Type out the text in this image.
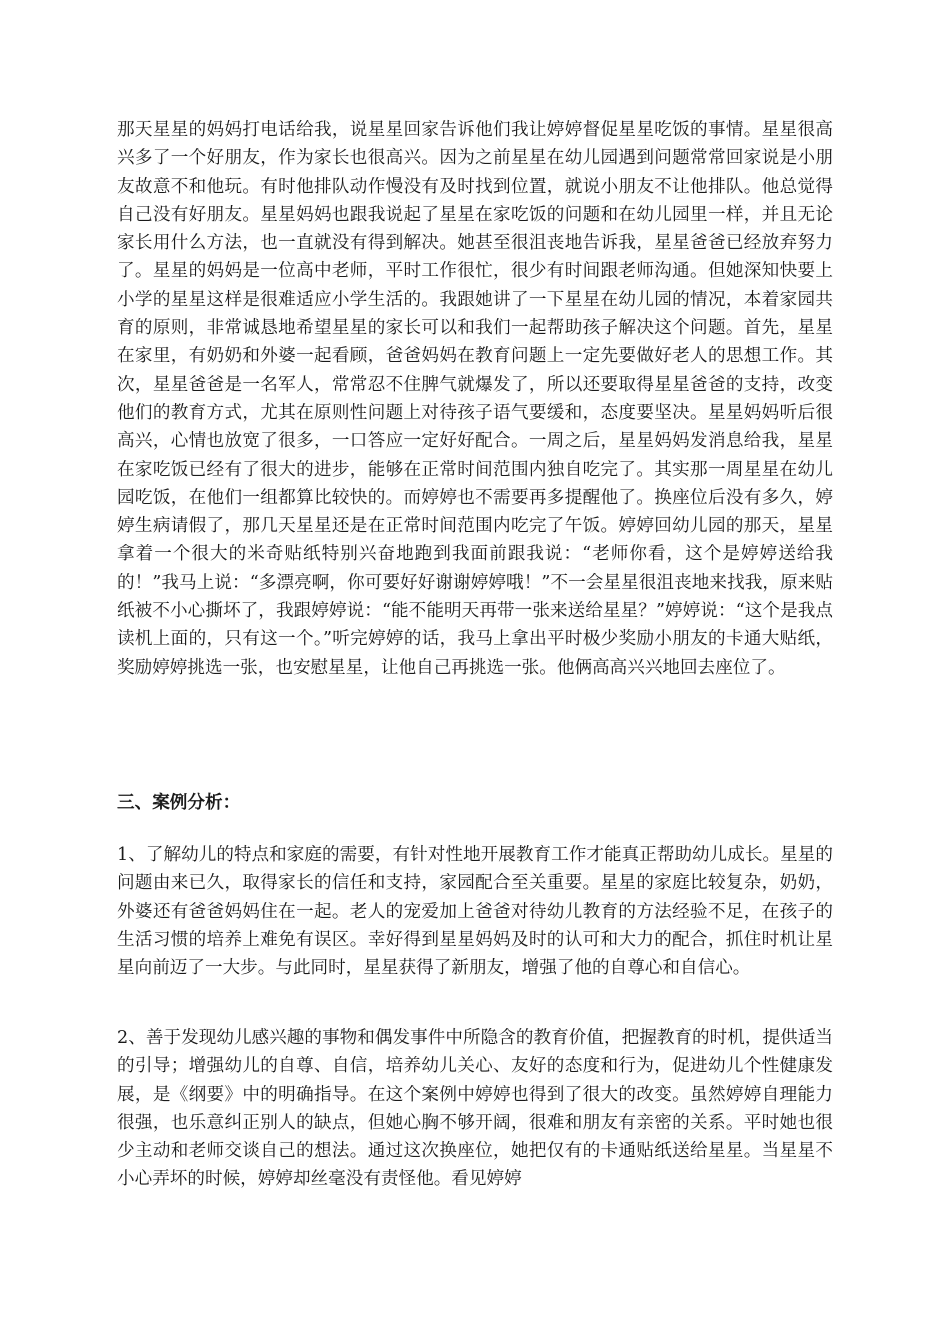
那天星星的妈妈打电话给我，说星星回家告诉他们我让婷婷督促星星吃饭的事情。星星很高兴多了一个好朋友，作为家长也很高兴。因为之前星星在幼儿园遇到问题常常回家说是小朋友故意不和他玩。有时他排队动作慢没有及时找到位置，就说小朋友不让他排队。他总觉得自己没有好朋友。星星妈妈也跟我说起了星星在家吃饭的问题和在幼儿园里一样，并且无论家长用什么方法，也一直就没有得到解决。她甚至很沮丧地告诉我，星星爸爸已经放弃努力了。星星的妈妈是一位高中老师，平时工作很忙，很少有时间跟老师沟通。但她深知快要上小学的星星这样是很难适应小学生活的。我跟她讲了一下星星在幼儿园的情况，本着家园共育的原则，非常诚恳地希望星星的家长可以和我们一起帮助孩子解决这个问题。首先，星星在家里，有奶奶和外婆一起看顾，爸爸妈妈在教育问题上一定先要做好老人的思想工作。其次，星星爸爸是一名军人，常常忍不住脾气就爆发了，所以还要取得星星爸爸的支持，改变他们的教育方式，尤其在原则性问题上对待孩子语气要缓和，态度要坚决。星星妈妈听后很高兴，心情也放宽了很多，一口答应一定好好配合。一周之后，星星妈妈发消息给我，星星在家吃饭已经有了很大的进步，能够在正常时间范围内独自吃完了。其实那一周星星在幼儿园吃饭，在他们一组都算比较快的。而婷婷也不需要再多提醒他了。换座位后没有多久，婷婷生病请假了，那几天星星还是在正常时间范围内吃完了午饭。婷婷回幼儿园的那天，星星拿着一个很大的米奇贴纸特别兴奋地跑到我面前跟我说：“老师你看，这个是婷婷送给我的！”我马上说：“多漂亮啊，你可要好好谢谢婷婷哦！”不一会星星很沮丧地来找我，原来贴纸被不小心撕坏了，我跟婷婷说：“能不能明天再带一张来送给星星？”婷婷说：“这个是我点读机上面的，只有这一个。”听完婷婷的话，我马上拿出平时极少奖励小朋友的卡通大贴纸，奖励婷婷挑选一张，也安慰星星，让他自己再挑选一张。他俩高高兴兴地回去座位了。

三、案例分析：

1、了解幼儿的特点和家庭的需要，有针对性地开展教育工作才能真正帮助幼儿成长。星星的问题由来已久，取得家长的信任和支持，家园配合至关重要。星星的家庭比较复杂，奶奶，外婆还有爸爸妈妈住在一起。老人的宠爱加上爸爸对待幼儿教育的方法经验不足，在孩子的生活习惯的培养上难免有误区。幸好得到星星妈妈及时的认可和大力的配合，抓住时机让星星向前迈了一大步。与此同时，星星获得了新朋友，增强了他的自尊心和自信心。

2、善于发现幼儿感兴趣的事物和偶发事件中所隐含的教育价值，把握教育的时机，提供适当的引导；增强幼儿的自尊、自信，培养幼儿关心、友好的态度和行为，促进幼儿个性健康发展，是《纲要》中的明确指导。在这个案例中婷婷也得到了很大的改变。虽然婷婷自理能力很强，也乐意纠正别人的缺点，但她心胸不够开阔，很难和朋友有亲密的关系。平时她也很少主动和老师交谈自己的想法。通过这次换座位，她把仅有的卡通贴纸送给星星。当星星不小心弄坏的时候，婷婷却丝毫没有责怪他。看见婷婷
